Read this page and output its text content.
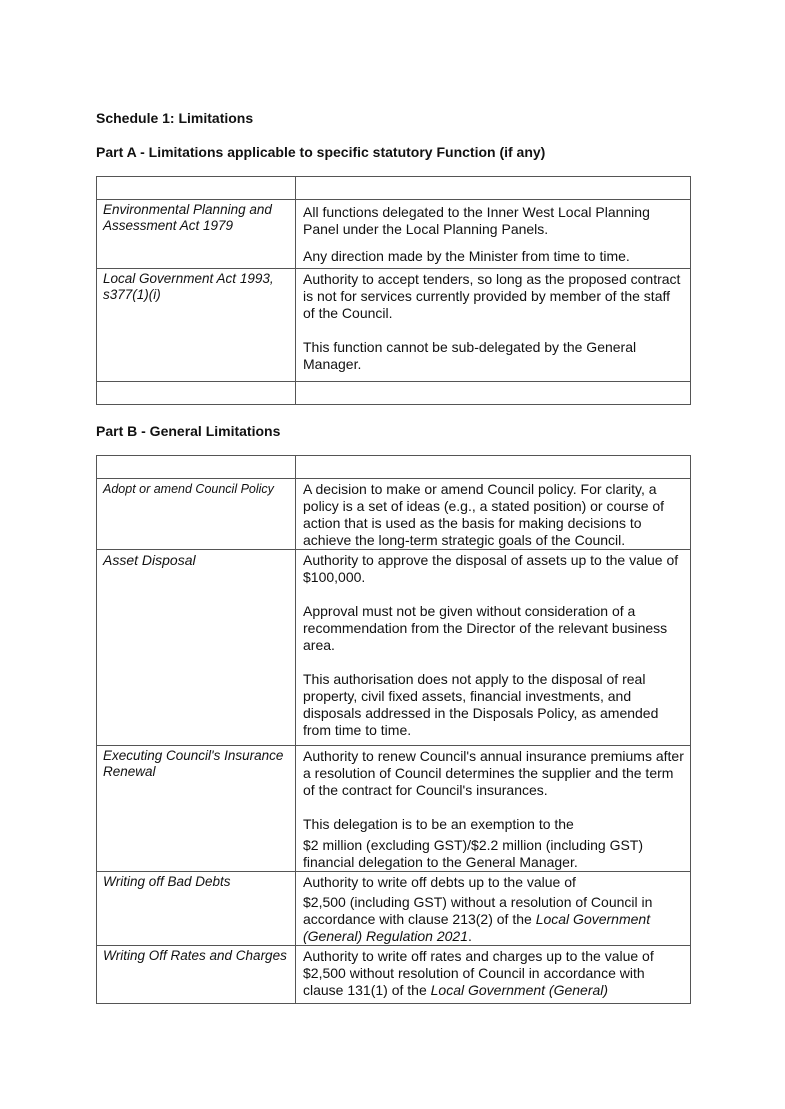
Schedule 1: Limitations
Part A - Limitations applicable to specific statutory Function (if any)

Environmental Planning and Assessment Act 1979	All functions delegated to the Inner West Local Planning Panel under the Local Planning Panels.

Any direction made by the Minister from time to time.

Local Government Act 1993, s377(1)(i)	Authority to accept tenders, so long as the proposed contract is not for services currently provided by member of the staff of the Council.

This function cannot be sub-delegated by the General Manager.

Part B - General Limitations

Adopt or amend Council Policy	A decision to make or amend Council policy. For clarity, a policy is a set of ideas (e.g., a stated position) or course of action that is used as the basis for making decisions to achieve the long-term strategic goals of the Council.

Asset Disposal	Authority to approve the disposal of assets up to the value of $100,000.

Approval must not be given without consideration of a recommendation from the Director of the relevant business area.

This authorisation does not apply to the disposal of real property, civil fixed assets, financial investments, and disposals addressed in the Disposals Policy, as amended from time to time.

Executing Council's Insurance Renewal	Authority to renew Council's annual insurance premiums after a resolution of Council determines the supplier and the term of the contract for Council's insurances.

This delegation is to be an exemption to the

$2 million (excluding GST)/$2.2 million (including GST) financial delegation to the General Manager.

Writing off Bad Debts	Authority to write off debts up to the value of

$2,500 (including GST) without a resolution of Council in accordance with clause 213(2) of the Local Government (General) Regulation 2021.

Writing Off Rates and Charges	Authority to write off rates and charges up to the value of $2,500 without resolution of Council in accordance with clause 131(1) of the Local Government (General)
